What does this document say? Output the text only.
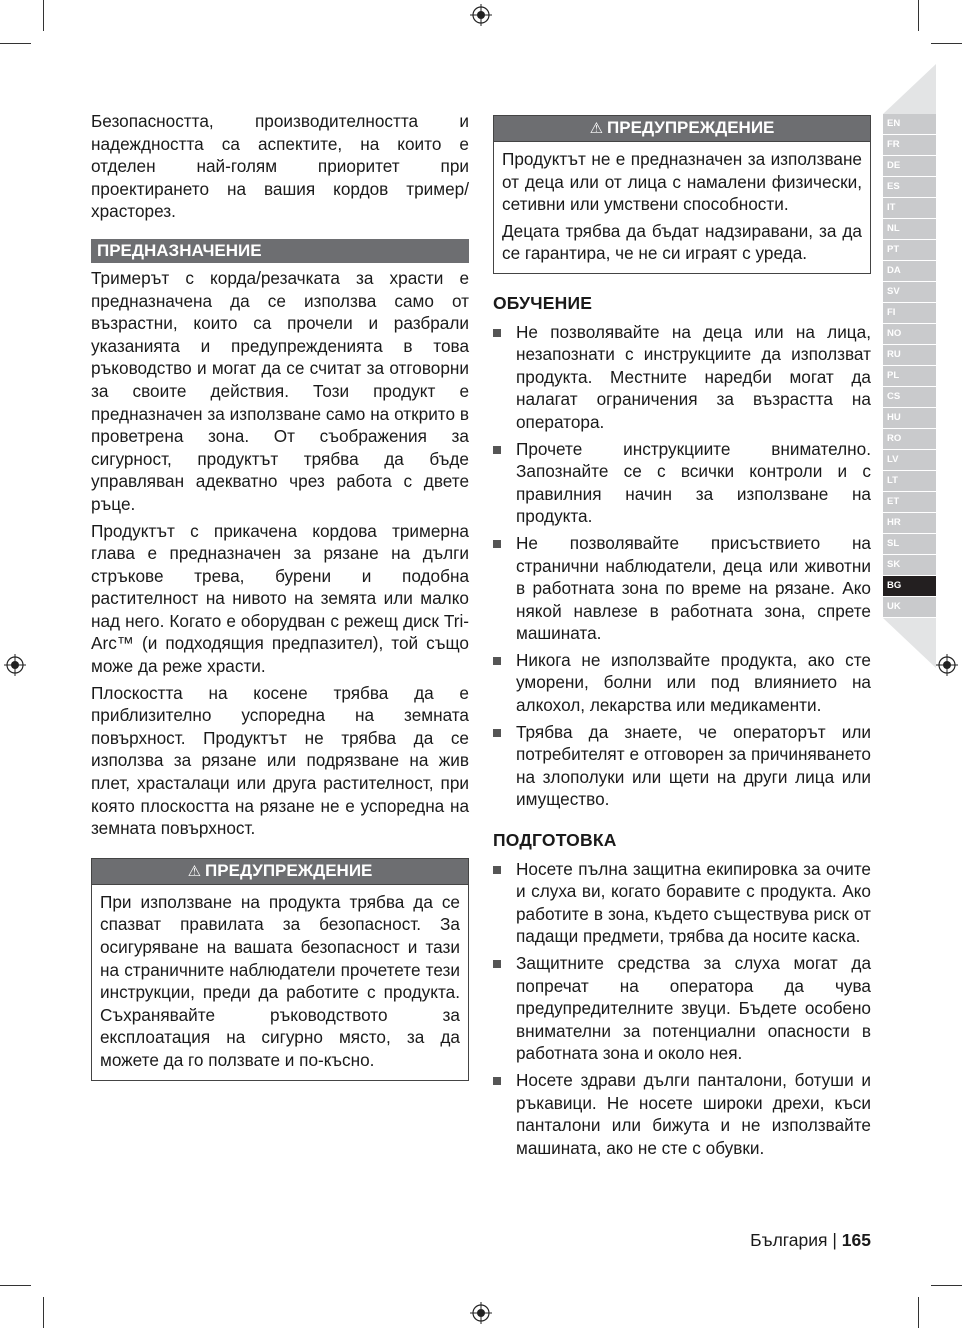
Безопасността, производителността и надеждността са аспектите, на които е отделен най-голям приоритет при проектирането на вашия кордов тример/храсторез.

ПРЕДНАЗНАЧЕНИЕ

Тримерът с корда/резачката за храсти е предназначена да се използва само от възрастни, които са прочели и разбрали указанията и предупрежденията в това ръководство и могат да се считат за отговорни за своите действия. Този продукт е предназначен за използване само на открито в проветрена зона. От съображения за сигурност, продуктът трябва да бъде управляван адекватно чрез работа с двете ръце.

Продуктът с прикачена кордова тримерна глава е предназначен за рязане на дълги стръкове трева, бурени и подобна растителност на нивото на земята или малко над него. Когато е оборудван с режещ диск Tri-Arc™ (и подходящия предпазител), той също може да реже храсти.

Плоскостта на косене трябва да е приблизително успоредна на земната повърхност. Продуктът не трябва да се използва за рязане или подрязване на жив плет, храсталаци или друга растителност, при която плоскостта на рязане не е успоредна на земната повърхност.

⚠ ПРЕДУПРЕЖДЕНИЕ

При използване на продукта трябва да се спазват правилата за безопасност. За осигуряване на вашата безопасност и тази на страничните наблюдатели прочетете тези инструкции, преди да работите с продукта. Съхранявайте ръководството за експлоатация на сигурно място, за да можете да го ползвате и по-късно.

⚠ ПРЕДУПРЕЖДЕНИЕ

Продуктът не е предназначен за използване от деца или от лица с намалени физически, сетивни или умствени способности.

Децата трябва да бъдат надзиравани, за да се гарантира, че не си играят с уреда.

ОБУЧЕНИЕ
Не позволявайте на деца или на лица, незапознати с инструкциите да използват продукта. Местните наредби могат да налагат ограничения за възрастта на оператора.
Прочете инструкциите внимателно. Запознайте се с всички контроли и с правилния начин за използване на продукта.
Не позволявайте присъствието на странични наблюдатели, деца или животни в работната зона по време на рязане. Ако някой навлезе в работната зона, спрете машината.
Никога не използвайте продукта, ако сте уморени, болни или под влиянието на алкохол, лекарства или медикаменти.
Трябва да знаете, че операторът или потребителят е отговорен за причиняването на злополуки или щети на други лица или имущество.
ПОДГОТОВКА
Носете пълна защитна екипировка за очите и слуха ви, когато боравите с продукта. Ако работите в зона, където съществува риск от падащи предмети, трябва да носите каска.
Защитните средства за слуха могат да попречат на оператора да чува предупредителните звуци. Бъдете особено внимателни за потенциални опасности в работната зона и около нея.
Носете здрави дълги панталони, ботуши и ръкавици. Не носете широки дрехи, къси панталони или бижута и не използвайте машината, ако не сте с обувки.
България | 165
EN
FR
DE
ES
IT
NL
PT
DA
SV
FI
NO
RU
PL
CS
HU
RO
LV
LT
ET
HR
SL
SK
BG
UK
